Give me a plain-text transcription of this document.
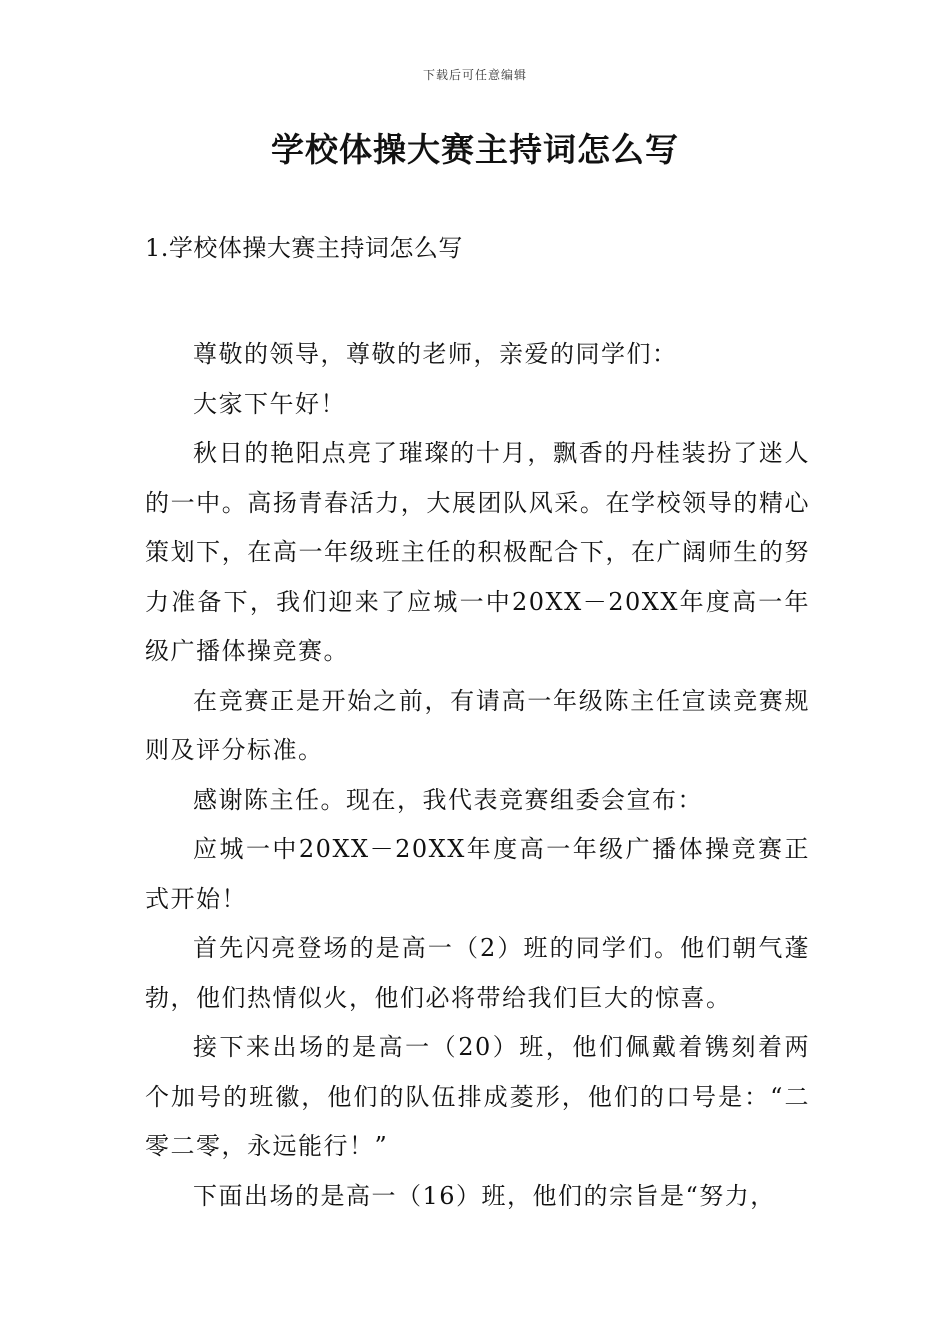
下载后可任意编辑
学校体操大赛主持词怎么写
1.学校体操大赛主持词怎么写

尊敬的领导，尊敬的老师，亲爱的同学们：

大家下午好！

秋日的艳阳点亮了璀璨的十月，飘香的丹桂装扮了迷人的一中。高扬青春活力，大展团队风采。在学校领导的精心策划下，在高一年级班主任的积极配合下，在广阔师生的努力准备下，我们迎来了应城一中20XX－20XX年度高一年级广播体操竞赛。

在竞赛正是开始之前，有请高一年级陈主任宣读竞赛规则及评分标准。

感谢陈主任。现在，我代表竞赛组委会宣布：

应城一中20XX－20XX年度高一年级广播体操竞赛正式开始！

首先闪亮登场的是高一（2）班的同学们。他们朝气蓬勃，他们热情似火，他们必将带给我们巨大的惊喜。

接下来出场的是高一（20）班，他们佩戴着镌刻着两个加号的班徽，他们的队伍排成菱形，他们的口号是：“二零二零，永远能行！”

下面出场的是高一（16）班，他们的宗旨是“努力，
